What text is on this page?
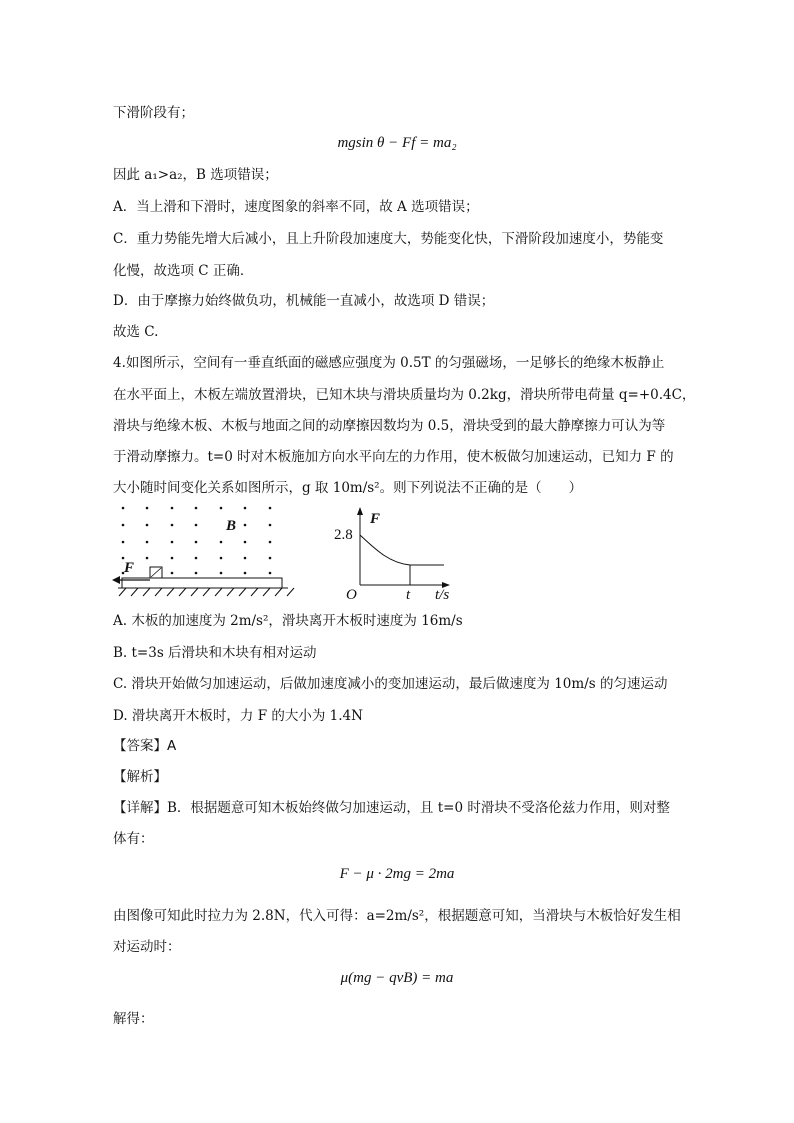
下滑阶段有；
mgsin θ − Ff = ma₂
因此 a₁>a₂，B 选项错误；
A．当上滑和下滑时，速度图象的斜率不同，故 A 选项错误；
C．重力势能先增大后减小，且上升阶段加速度大，势能变化快，下滑阶段加速度小，势能变
化慢，故选项 C 正确．
D．由于摩擦力始终做负功，机械能一直减小，故选项 D 错误；
故选 C.
4.如图所示，空间有一垂直纸面的磁感应强度为 0.5T 的匀强磁场，一足够长的绝缘木板静止
在水平面上，木板左端放置滑块，已知木块与滑块质量均为 0.2kg，滑块所带电荷量 q=+0.4C，
滑块与绝缘木板、木板与地面之间的动摩擦因数均为 0.5，滑块受到的最大静摩擦力可认为等
于滑动摩擦力。t=0 时对木板施加方向水平向左的力作用，使木板做匀加速运动，已知力 F 的
大小随时间变化关系如图所示，g 取 10m/s²。则下列说法不正确的是（　　）
B
F
F
2.8
O	t t/s
A. 木板的加速度为 2m/s²，滑块离开木板时速度为 16m/s
B. t=3s 后滑块和木块有相对运动
C. 滑块开始做匀加速运动，后做加速度减小的变加速运动，最后做速度为 10m/s 的匀速运动
D. 滑块离开木板时，力 F 的大小为 1.4N
【答案】A
【解析】
【详解】B．根据题意可知木板始终做匀加速运动，且 t=0 时滑块不受洛伦兹力作用，则对整
体有：
F − μ · 2mg = 2ma
由图像可知此时拉力为 2.8N，代入可得：a=2m/s²，根据题意可知，当滑块与木板恰好发生相
对运动时：
μ(mg − qvB) = ma
解得：
